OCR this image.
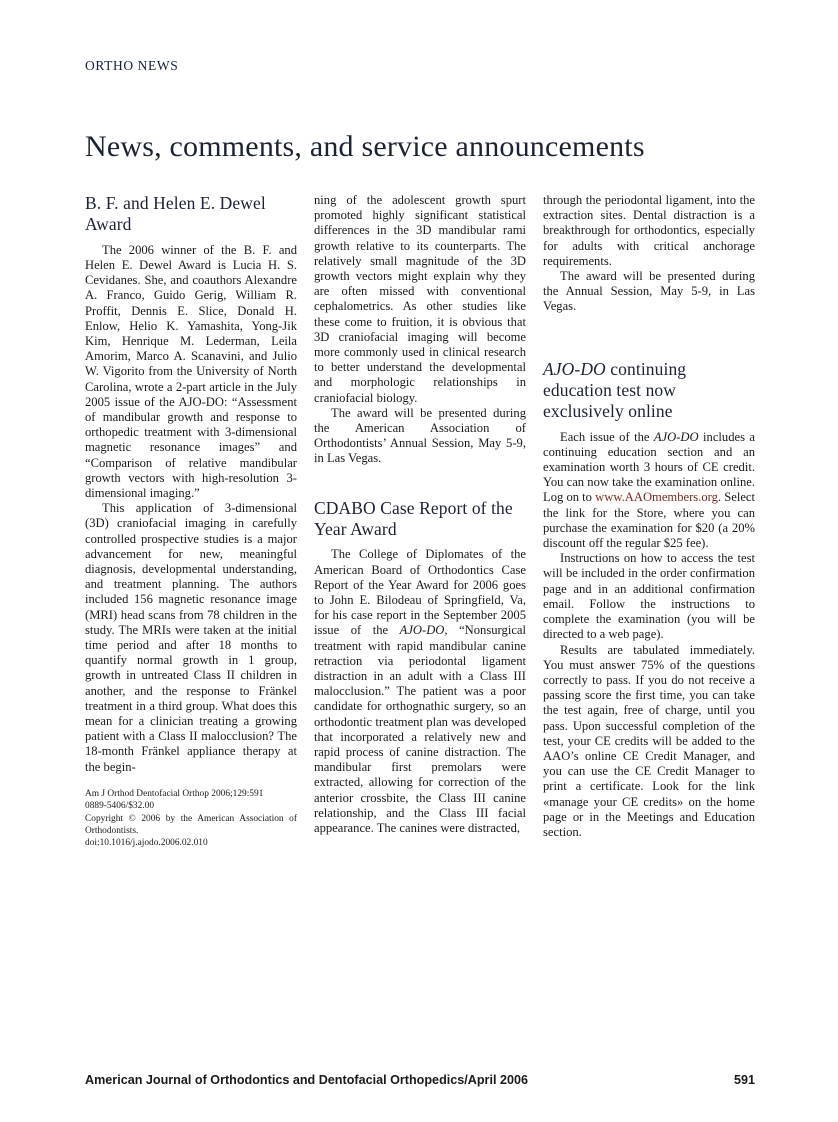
ORTHO NEWS
News, comments, and service announcements
B. F. and Helen E. Dewel Award

The 2006 winner of the B. F. and Helen E. Dewel Award is Lucia H. S. Cevidanes. She, and coauthors Alexandre A. Franco, Guido Gerig, William R. Proffit, Dennis E. Slice, Donald H. Enlow, Helio K. Yamashita, Yong-Jik Kim, Henrique M. Lederman, Leila Amorim, Marco A. Scanavini, and Julio W. Vigorito from the University of North Carolina, wrote a 2-part article in the July 2005 issue of the AJO-DO: “Assessment of mandibular growth and response to orthopedic treatment with 3-dimensional magnetic resonance images” and “Comparison of relative mandibular growth vectors with high-resolution 3-dimensional imaging.”

This application of 3-dimensional (3D) craniofacial imaging in carefully controlled prospective studies is a major advancement for new, meaningful diagnosis, developmental understanding, and treatment planning. The authors included 156 magnetic resonance image (MRI) head scans from 78 children in the study. The MRIs were taken at the initial time period and after 18 months to quantify normal growth in 1 group, growth in untreated Class II children in another, and the response to Fränkel treatment in a third group. What does this mean for a clinician treating a growing patient with a Class II malocclusion? The 18-month Fränkel appliance therapy at the begin-

Am J Orthod Dentofacial Orthop 2006;129:591
0889-5406/$32.00
Copyright © 2006 by the American Association of Orthodontists.
doi:10.1016/j.ajodo.2006.02.010

ning of the adolescent growth spurt promoted highly significant statistical differences in the 3D mandibular rami growth relative to its counterparts. The relatively small magnitude of the 3D growth vectors might explain why they are often missed with conventional cephalometrics. As other studies like these come to fruition, it is obvious that 3D craniofacial imaging will become more commonly used in clinical research to better understand the developmental and morphologic relationships in craniofacial biology.

The award will be presented during the American Association of Orthodontists’ Annual Session, May 5-9, in Las Vegas.

CDABO Case Report of the Year Award

The College of Diplomates of the American Board of Orthodontics Case Report of the Year Award for 2006 goes to John E. Bilodeau of Springfield, Va, for his case report in the September 2005 issue of the AJO-DO, “Nonsurgical treatment with rapid mandibular canine retraction via periodontal ligament distraction in an adult with a Class III malocclusion.” The patient was a poor candidate for orthognathic surgery, so an orthodontic treatment plan was developed that incorporated a relatively new and rapid process of canine distraction. The mandibular first premolars were extracted, allowing for correction of the anterior crossbite, the Class III canine relationship, and the Class III facial appearance. The canines were distracted,

through the periodontal ligament, into the extraction sites. Dental distraction is a breakthrough for orthodontics, especially for adults with critical anchorage requirements.

The award will be presented during the Annual Session, May 5-9, in Las Vegas.

AJO-DO continuing education test now exclusively online

Each issue of the AJO-DO includes a continuing education section and an examination worth 3 hours of CE credit. You can now take the examination online. Log on to www.AAOmembers.org. Select the link for the Store, where you can purchase the examination for $20 (a 20% discount off the regular $25 fee).

Instructions on how to access the test will be included in the order confirmation page and in an additional confirmation email. Follow the instructions to complete the examination (you will be directed to a web page).

Results are tabulated immediately. You must answer 75% of the questions correctly to pass. If you do not receive a passing score the first time, you can take the test again, free of charge, until you pass. Upon successful completion of the test, your CE credits will be added to the AAO’s online CE Credit Manager, and you can use the CE Credit Manager to print a certificate. Look for the link «manage your CE credits» on the home page or in the Meetings and Education section.

American Journal of Orthodontics and Dentofacial Orthopedics/April 2006	591
